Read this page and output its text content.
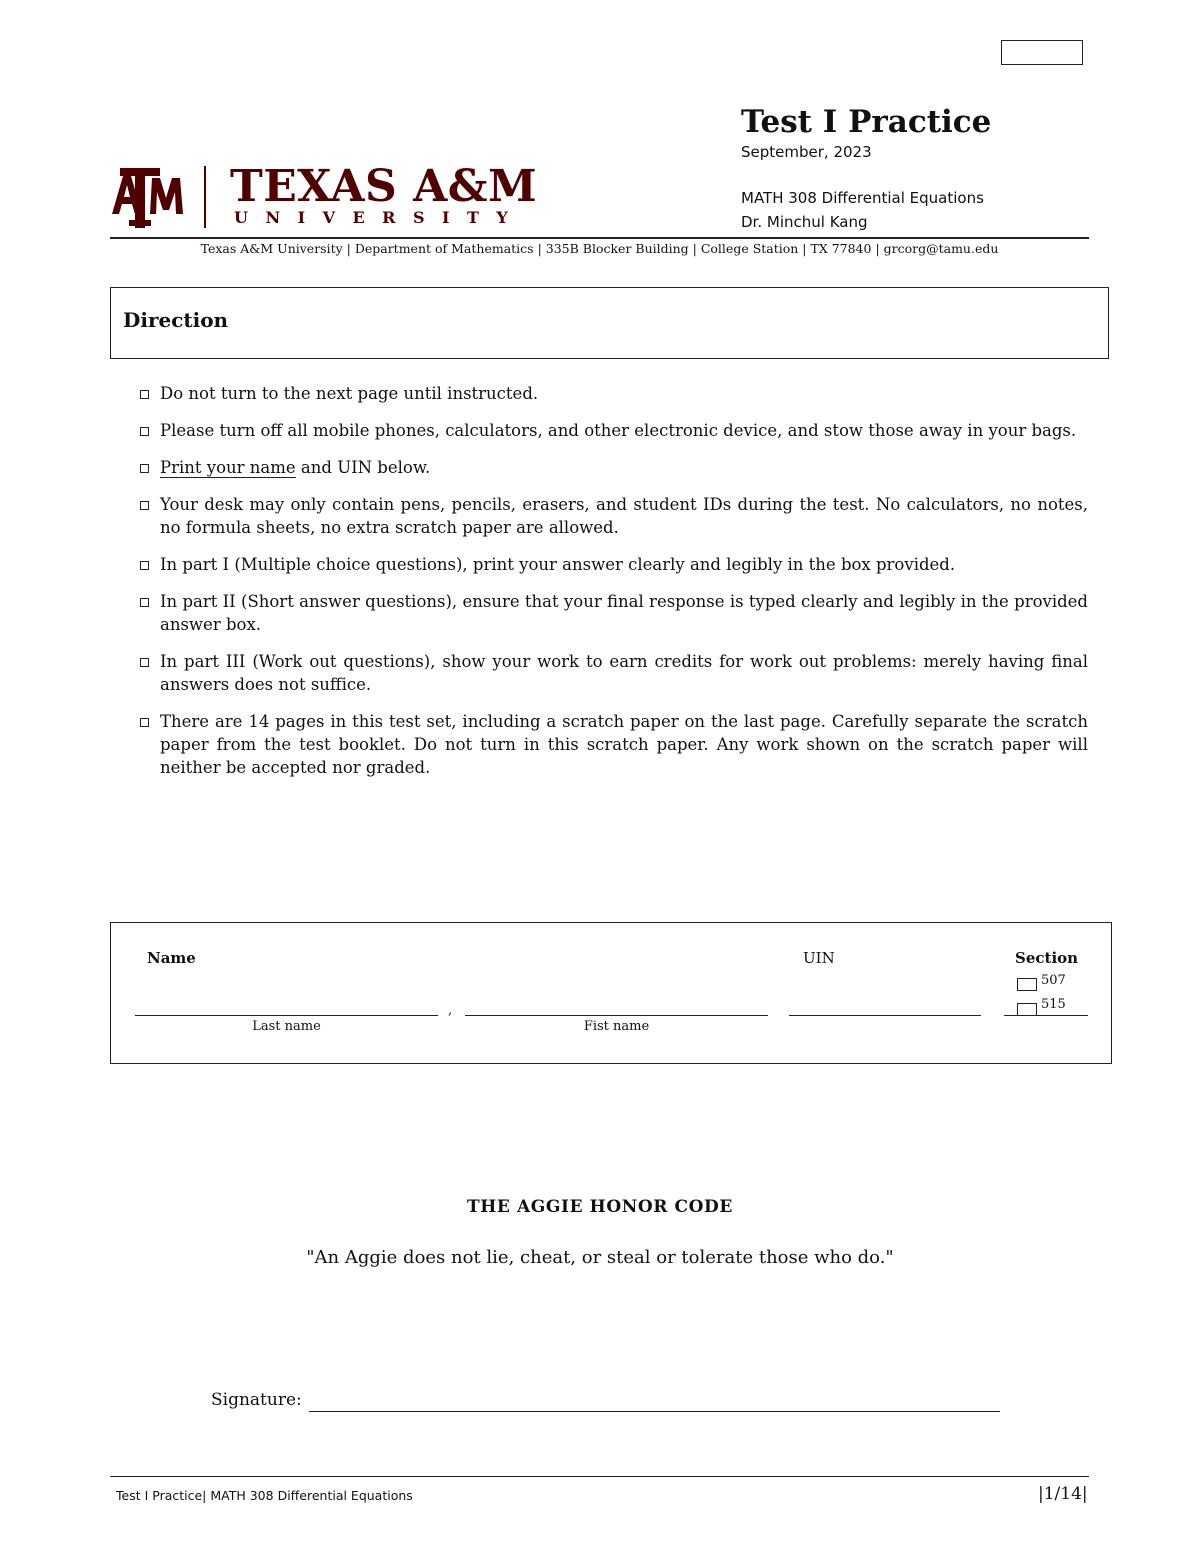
TEXAS A&M
UNIVERSITY
Test I Practice
September, 2023
MATH 308 Differential Equations
Dr. Minchul Kang
Texas A&M University | Department of Mathematics | 335B Blocker Building | College Station | TX 77840 | grcorg@tamu.edu
Direction
Do not turn to the next page until instructed.
Please turn off all mobile phones, calculators, and other electronic device, and stow those away in your bags.
Print your name and UIN below.
Your desk may only contain pens, pencils, erasers, and student IDs during the test. No calculators, no notes, no formula sheets, no extra scratch paper are allowed.
In part I (Multiple choice questions), print your answer clearly and legibly in the box provided.
In part II (Short answer questions), ensure that your final response is typed clearly and legibly in the provided answer box.
In part III (Work out questions), show your work to earn credits for work out problems: merely having final answers does not suffice.
There are 14 pages in this test set, including a scratch paper on the last page. Carefully separate the scratch paper from the test booklet. Do not turn in this scratch paper. Any work shown on the scratch paper will neither be accepted nor graded.
Name	UIN	Section
507
515
,
Last name	Fist name
THE AGGIE HONOR CODE
"An Aggie does not lie, cheat, or steal or tolerate those who do."
Signature:
Test I Practice| MATH 308 Differential Equations	|1/14|
